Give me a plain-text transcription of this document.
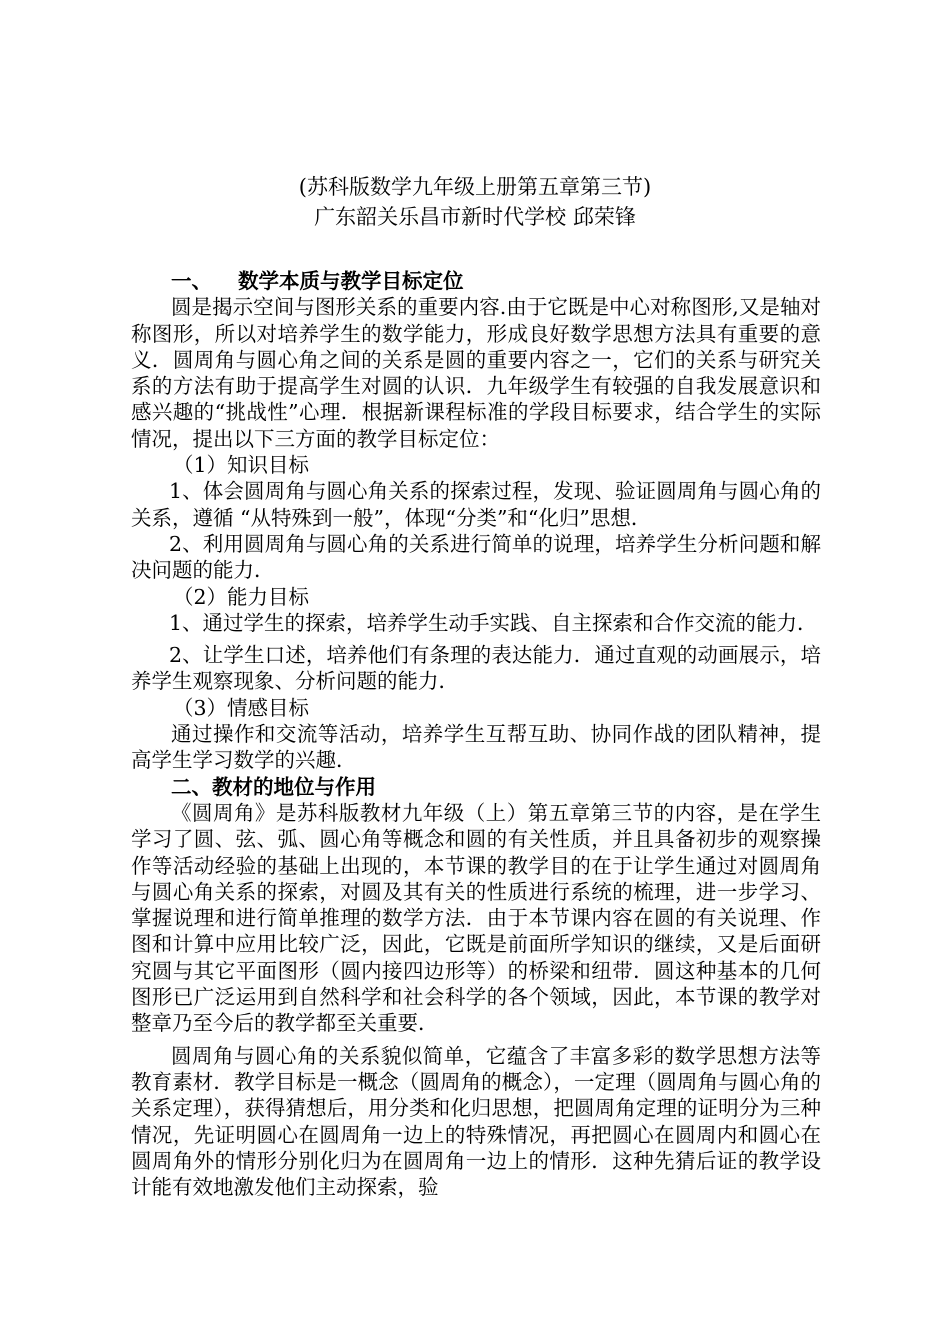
(苏科版数学九年级上册第五章第三节)
广东韶关乐昌市新时代学校 邱荣锋

一、 数学本质与教学目标定位

圆是揭示空间与图形关系的重要内容.由于它既是中心对称图形,又是轴对称图形，所以对培养学生的数学能力，形成良好数学思想方法具有重要的意义．圆周角与圆心角之间的关系是圆的重要内容之一，它们的关系与研究关系的方法有助于提高学生对圆的认识．九年级学生有较强的自我发展意识和感兴趣的“挑战性”心理．根据新课程标准的学段目标要求，结合学生的实际情况，提出以下三方面的教学目标定位：

（1）知识目标

1、体会圆周角与圆心角关系的探索过程，发现、验证圆周角与圆心角的关系，遵循 “从特殊到一般”，体现“分类”和“化归”思想．

2、利用圆周角与圆心角的关系进行简单的说理，培养学生分析问题和解决问题的能力．

（2）能力目标

1、通过学生的探索，培养学生动手实践、自主探索和合作交流的能力．

2、让学生口述，培养他们有条理的表达能力．通过直观的动画展示，培养学生观察现象、分析问题的能力．

（3）情感目标

通过操作和交流等活动，培养学生互帮互助、协同作战的团队精神，提高学生学习数学的兴趣．

二、教材的地位与作用

《圆周角》是苏科版教材九年级（上）第五章第三节的内容，是在学生学习了圆、弦、弧、圆心角等概念和圆的有关性质，并且具备初步的观察操作等活动经验的基础上出现的，本节课的教学目的在于让学生通过对圆周角与圆心角关系的探索，对圆及其有关的性质进行系统的梳理，进一步学习、掌握说理和进行简单推理的数学方法．由于本节课内容在圆的有关说理、作图和计算中应用比较广泛，因此，它既是前面所学知识的继续，又是后面研究圆与其它平面图形（圆内接四边形等）的桥梁和纽带．圆这种基本的几何图形已广泛运用到自然科学和社会科学的各个领域，因此，本节课的教学对整章乃至今后的教学都至关重要．

圆周角与圆心角的关系貌似简单，它蕴含了丰富多彩的数学思想方法等教育素材．教学目标是一概念（圆周角的概念），一定理（圆周角与圆心角的关系定理），获得猜想后，用分类和化归思想，把圆周角定理的证明分为三种情况，先证明圆心在圆周角一边上的特殊情况，再把圆心在圆周内和圆心在圆周角外的情形分别化归为在圆周角一边上的情形．这种先猜后证的教学设计能有效地激发他们主动探索，验
